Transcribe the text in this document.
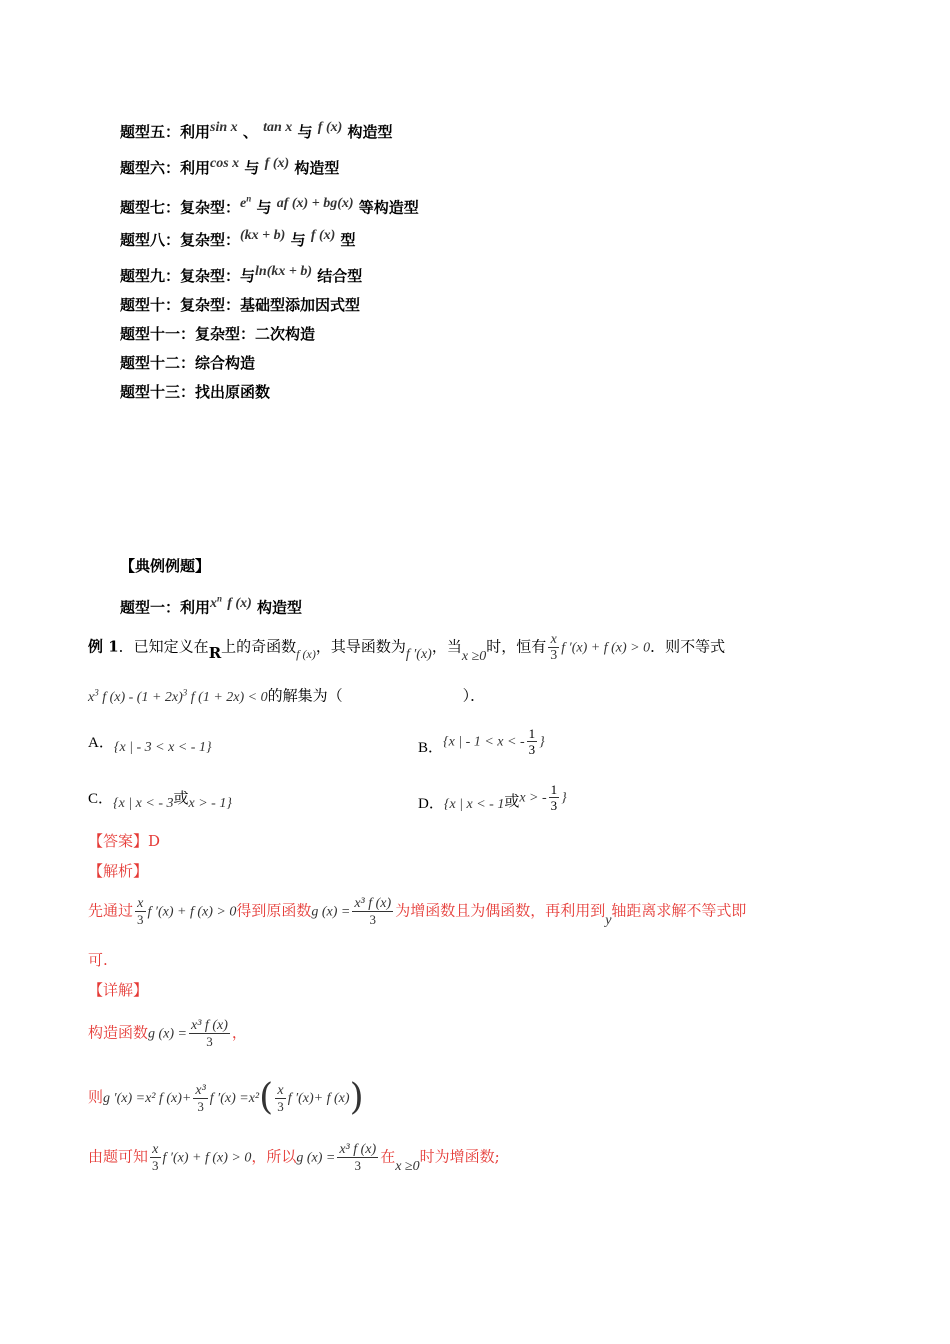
题型五：利用sin x 、 tan x 与 f (x) 构造型
题型六：利用cos x 与 f (x) 构造型
题型七：复杂型：$e^n$ 与 af (x) + bg(x) 等构造型
题型八：复杂型：(kx + b) 与 f (x) 型
题型九：复杂型：与ln(kx + b) 结合型
题型十：复杂型：基础型添加因式型
题型十一：复杂型：二次构造
题型十二：综合构造
题型十三：找出原函数
【典例例题】
题型一：利用$x^n$ f (x) 构造型
例 1．已知定义在R上的奇函数$_{f (x)}$，其导函数为f ′(x)，当x ≥0时，恒有 $\frac{x}{3}$ f ′(x) + f (x) > 0．则不等式
$x^3$ f $(x) - (1 + 2x)^3$ f (1 + 2x) < 0的解集为（	）．
A．{x | - 3 < x < - 1}	B．{x | - 1 < x < - $\frac{1}{3}$ }
C．{x | x < - 3或x > - 1}	D．{x | x < - 1或x > - $\frac{1}{3}$ }
【答案】D
【解析】
先通过 $\frac{x}{3}$ f ′(x) + f (x) > 0得到原函数g $(x) = \frac{\text{x³ f (x)}}{3}$ 为增函数且为偶函数，再利用到y轴距离求解不等式即
可.
【详解】
构造函数g $(x) = \frac{\text{x³ f (x)}}{3}$ ，
则g ′(x) =x² f $(x)+ \frac{\text{x³}}{3}$ f $'(x) =x^2( \frac{x}{3}$ f ′(x)+ f (x))
由题可知 $\frac{x}{3}$ f ′(x) + f (x) > 0，所以g $(x) = \frac{\text{x³ f (x)}}{3}$ 在x ≥0时为增函数;
